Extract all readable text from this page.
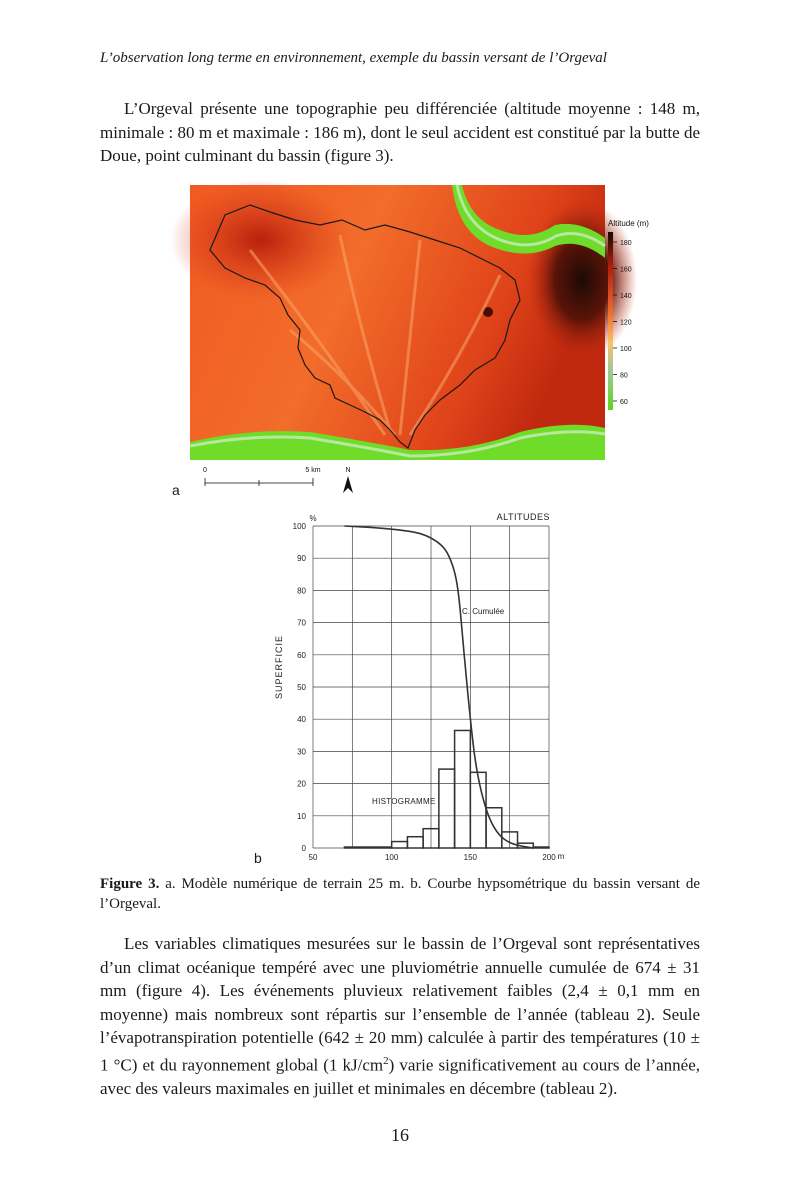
L’observation long terme en environnement, exemple du bassin versant de l’Orgeval
L’Orgeval présente une topographie peu différenciée (altitude moyenne : 148 m, minimale : 80 m et maximale : 186 m), dont le seul accident est constitué par la butte de Doue, point culminant du bassin (figure 3).
Altitude (m)
180
160
140
120
100
80
60
0	5 km	N
a
0
10
20
30
40
50
60
70
80
90
100
50	100	150	200
ALTITUDES
%
SUPERFICIE
m
C. Cumulée
HISTOGRAMME
b
Figure 3. a. Modèle numérique de terrain 25 m. b. Courbe hypsométrique du bassin versant de l’Orgeval.
Les variables climatiques mesurées sur le bassin de l’Orgeval sont représentatives d’un climat océanique tempéré avec une pluviométrie annuelle cumulée de 674 ± 31 mm (figure 4). Les événements pluvieux relativement faibles (2,4 ± 0,1 mm en moyenne) mais nombreux sont répartis sur l’ensemble de l’année (tableau 2). Seule l’évapotranspiration potentielle (642 ± 20 mm) calculée à partir des températures (10 ± 1 °C) et du rayonnement global (1 $kJ/cm^2$) varie significativement au cours de l’année, avec des valeurs maximales en juillet et minimales en décembre (tableau 2).
16
